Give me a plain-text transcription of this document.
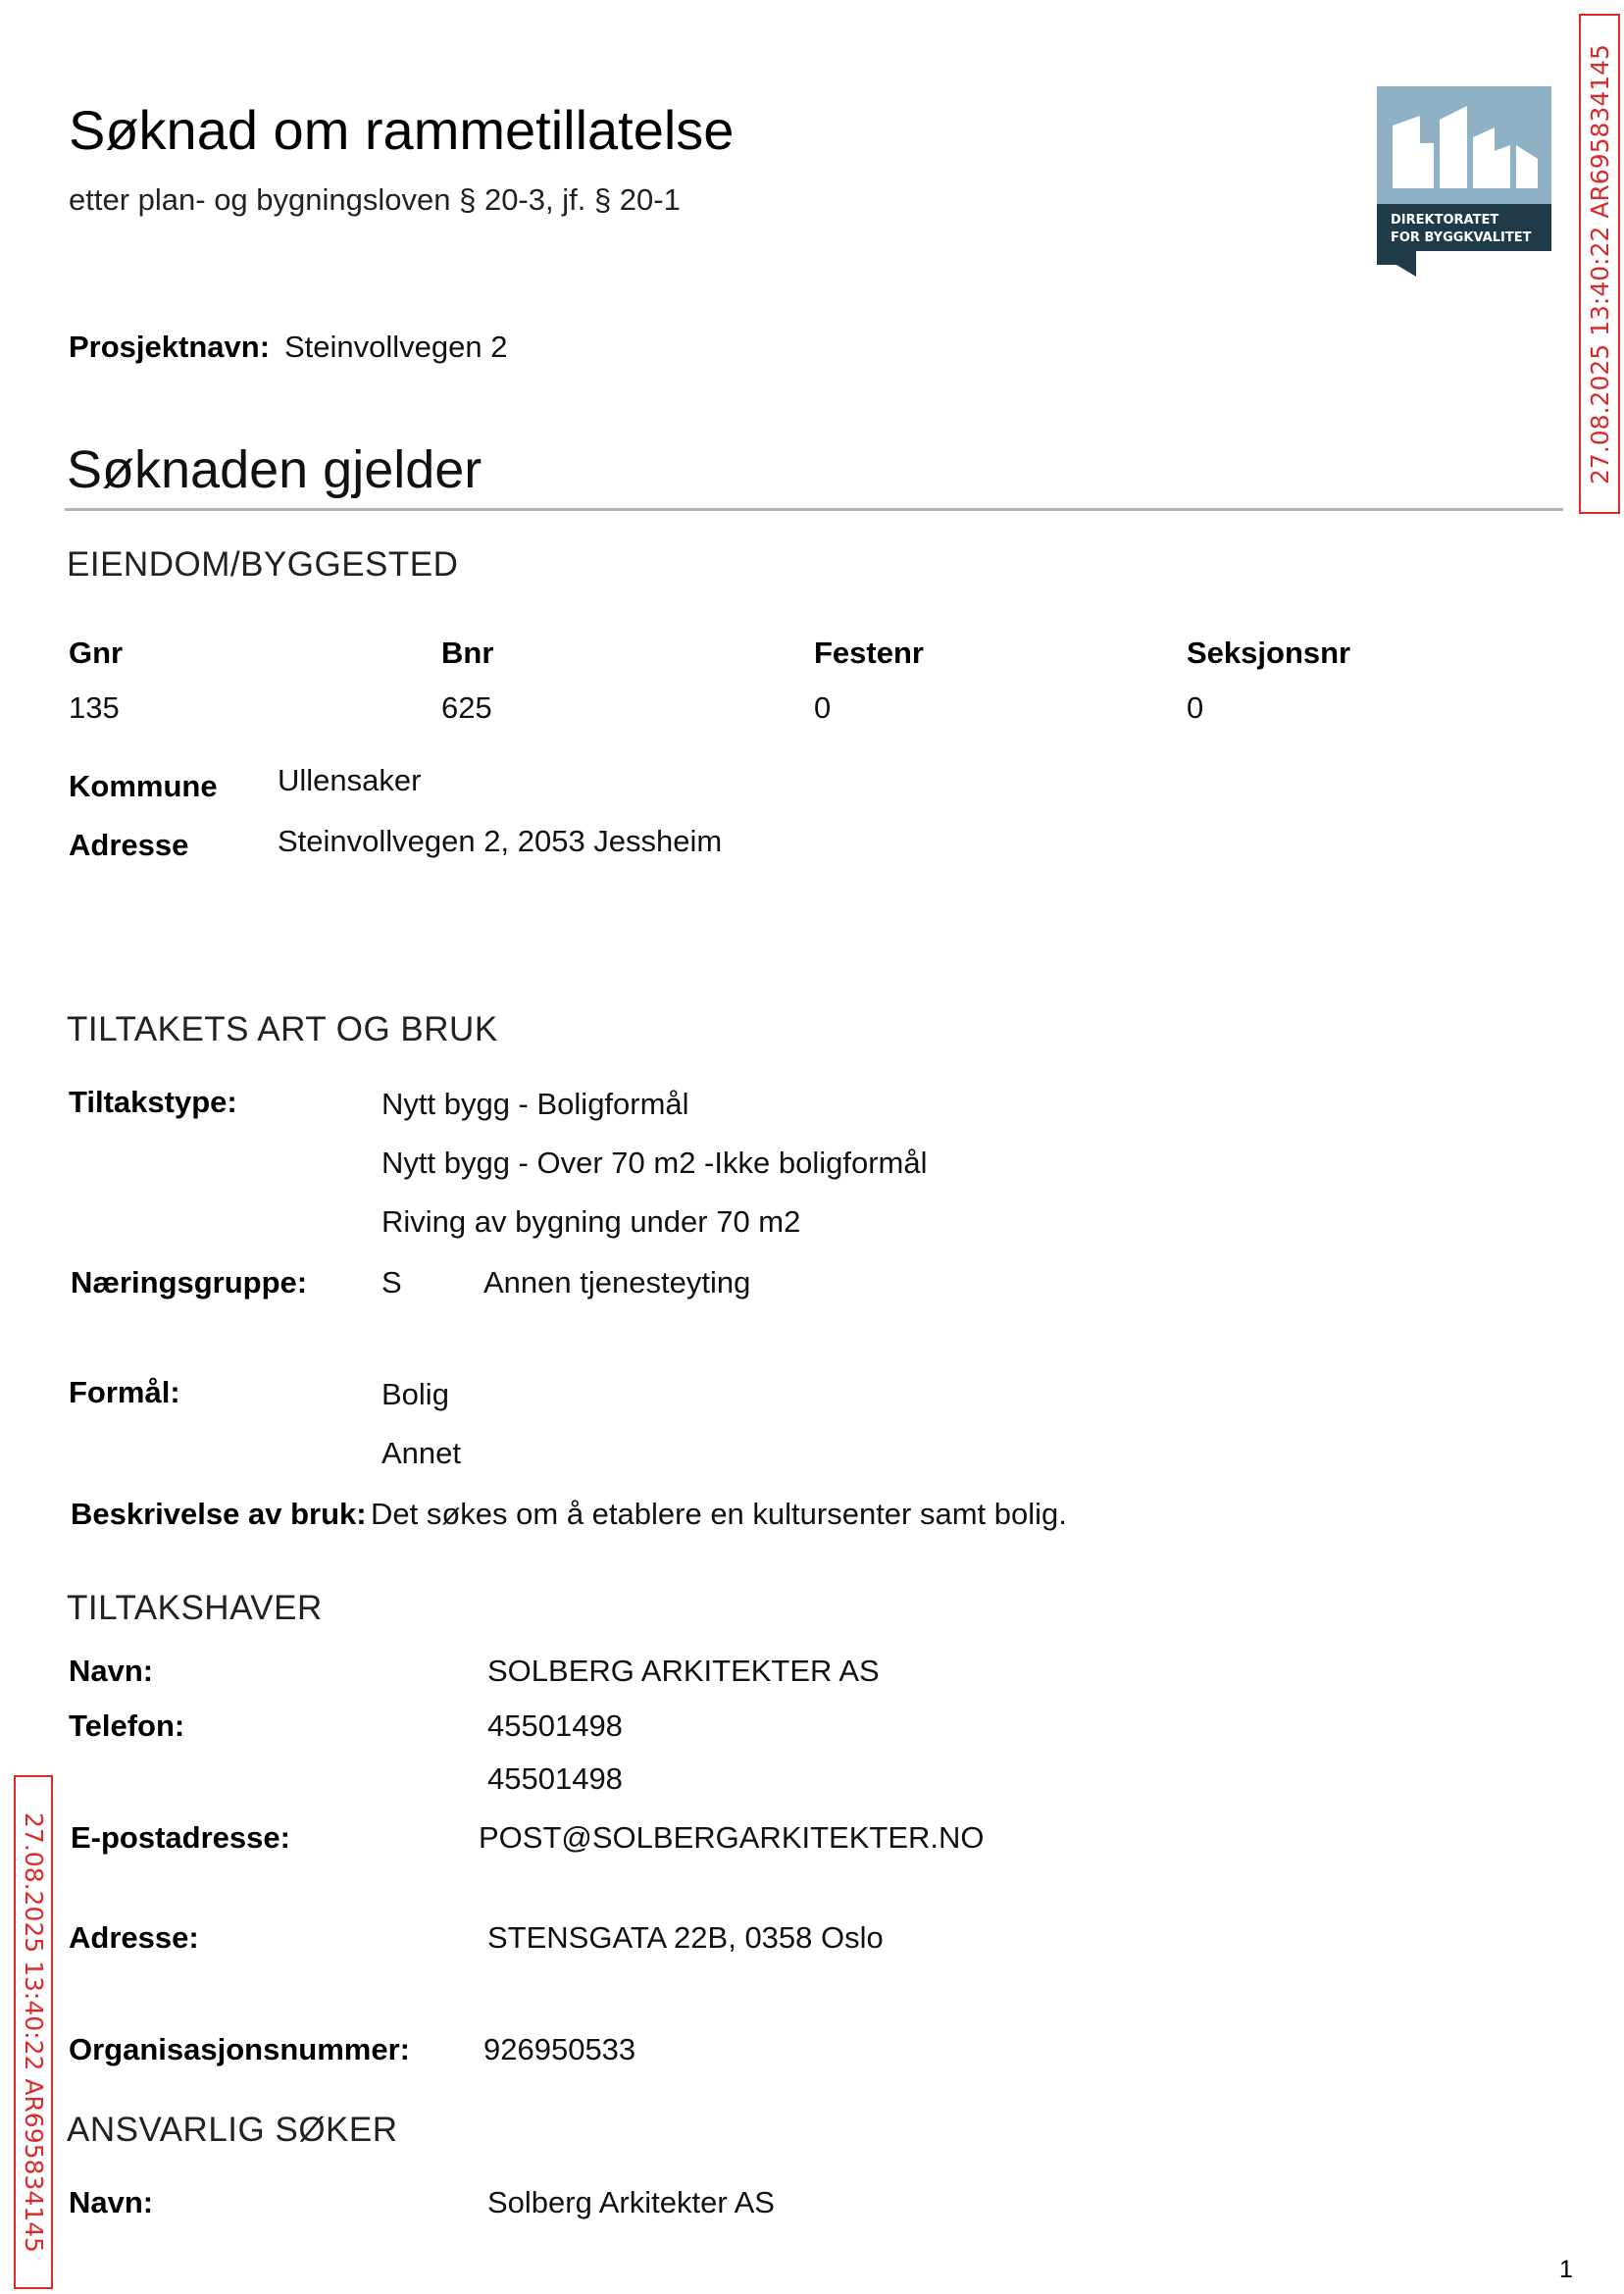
Søknad om rammetillatelse
etter plan- og bygningsloven § 20-3, jf. § 20-1
DIREKTORATET
FOR BYGGKVALITET 27.08.2025 13:40:22 AR695834145
27.08.2025 13:40:22 AR695834145
Prosjektnavn: Steinvollvegen 2
Søknaden gjelder
EIENDOM/BYGGESTED
Gnr	Bnr	Festenr	Seksjonsnr
135	625	0	0
Kommune Ullensaker
Adresse	Steinvollvegen 2, 2053 Jessheim
TILTAKETS ART OG BRUK
Tiltakstype:	Nytt bygg - Boligformål
Nytt bygg - Over 70 m2 -Ikke boligformål
Riving av bygning under 70 m2
Næringsgruppe: S	Annen tjenesteyting
Formål:	Bolig
Annet
Beskrivelse av bruk: Det søkes om å etablere en kultursenter samt bolig.
TILTAKSHAVER
Navn:	SOLBERG ARKITEKTER AS
Telefon:	45501498
45501498
E-postadresse:	POST@SOLBERGARKITEKTER.NO
Adresse:	STENSGATA 22B, 0358 Oslo
Organisasjonsnummer: 926950533
ANSVARLIG SØKER
Navn:	Solberg Arkitekter AS
1
